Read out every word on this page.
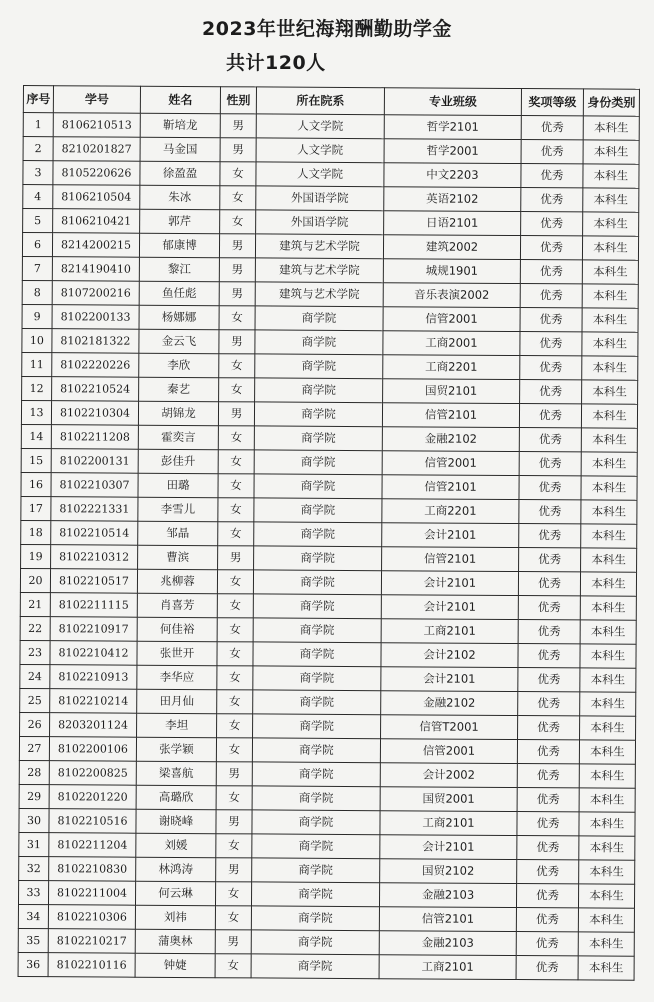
2023年世纪海翔酬勤助学金
共计120人
序号	学号	姓名	性别	所在院系	专业班级	奖项等级	身份类别
1	8106210513	靳培龙	男	人文学院	哲学2101	优秀	本科生
2	8210201827	马金国	男	人文学院	哲学2001	优秀	本科生
3	8105220626	徐盈盈	女	人文学院	中文2203	优秀	本科生
4	8106210504	朱冰	女	外国语学院	英语2102	优秀	本科生
5	8106210421	郭芹	女	外国语学院	日语2101	优秀	本科生
6	8214200215	郁康博	男	建筑与艺术学院	建筑2002	优秀	本科生
7	8214190410	黎江	男	建筑与艺术学院	城规1901	优秀	本科生
8	8107200216	鱼任彪	男	建筑与艺术学院	音乐表演2002	优秀	本科生
9	8102200133	杨娜娜	女	商学院	信管2001	优秀	本科生
10	8102181322	金云飞	男	商学院	工商2001	优秀	本科生
11	8102220226	李欣	女	商学院	工商2201	优秀	本科生
12	8102210524	秦艺	女	商学院	国贸2101	优秀	本科生
13	8102210304	胡锦龙	男	商学院	信管2101	优秀	本科生
14	8102211208	霍奕言	女	商学院	金融2102	优秀	本科生
15	8102200131	彭佳升	女	商学院	信管2001	优秀	本科生
16	8102210307	田璐	女	商学院	信管2101	优秀	本科生
17	8102221331	李雪儿	女	商学院	工商2201	优秀	本科生
18	8102210514	邹晶	女	商学院	会计2101	优秀	本科生
19	8102210312	曹滨	男	商学院	信管2101	优秀	本科生
20	8102210517	兆柳蓉	女	商学院	会计2101	优秀	本科生
21	8102211115	肖喜芳	女	商学院	会计2101	优秀	本科生
22	8102210917	何佳裕	女	商学院	工商2101	优秀	本科生
23	8102210412	张世开	女	商学院	会计2102	优秀	本科生
24	8102210913	李华应	女	商学院	会计2101	优秀	本科生
25	8102210214	田月仙	女	商学院	金融2102	优秀	本科生
26	8203201124	李坦	女	商学院	信管T2001	优秀	本科生
27	8102200106	张学颖	女	商学院	信管2001	优秀	本科生
28	8102200825	梁喜航	男	商学院	会计2002	优秀	本科生
29	8102201220	高璐欣	女	商学院	国贸2001	优秀	本科生
30	8102210516	谢晓峰	男	商学院	工商2101	优秀	本科生
31	8102211204	刘媛	女	商学院	会计2101	优秀	本科生
32	8102210830	林鸿涛	男	商学院	国贸2102	优秀	本科生
33	8102211004	何云琳	女	商学院	金融2103	优秀	本科生
34	8102210306	刘祎	女	商学院	信管2101	优秀	本科生
35	8102210217	蒲奥林	男	商学院	金融2103	优秀	本科生
36	8102210116	钟婕	女	商学院	工商2101	优秀	本科生
